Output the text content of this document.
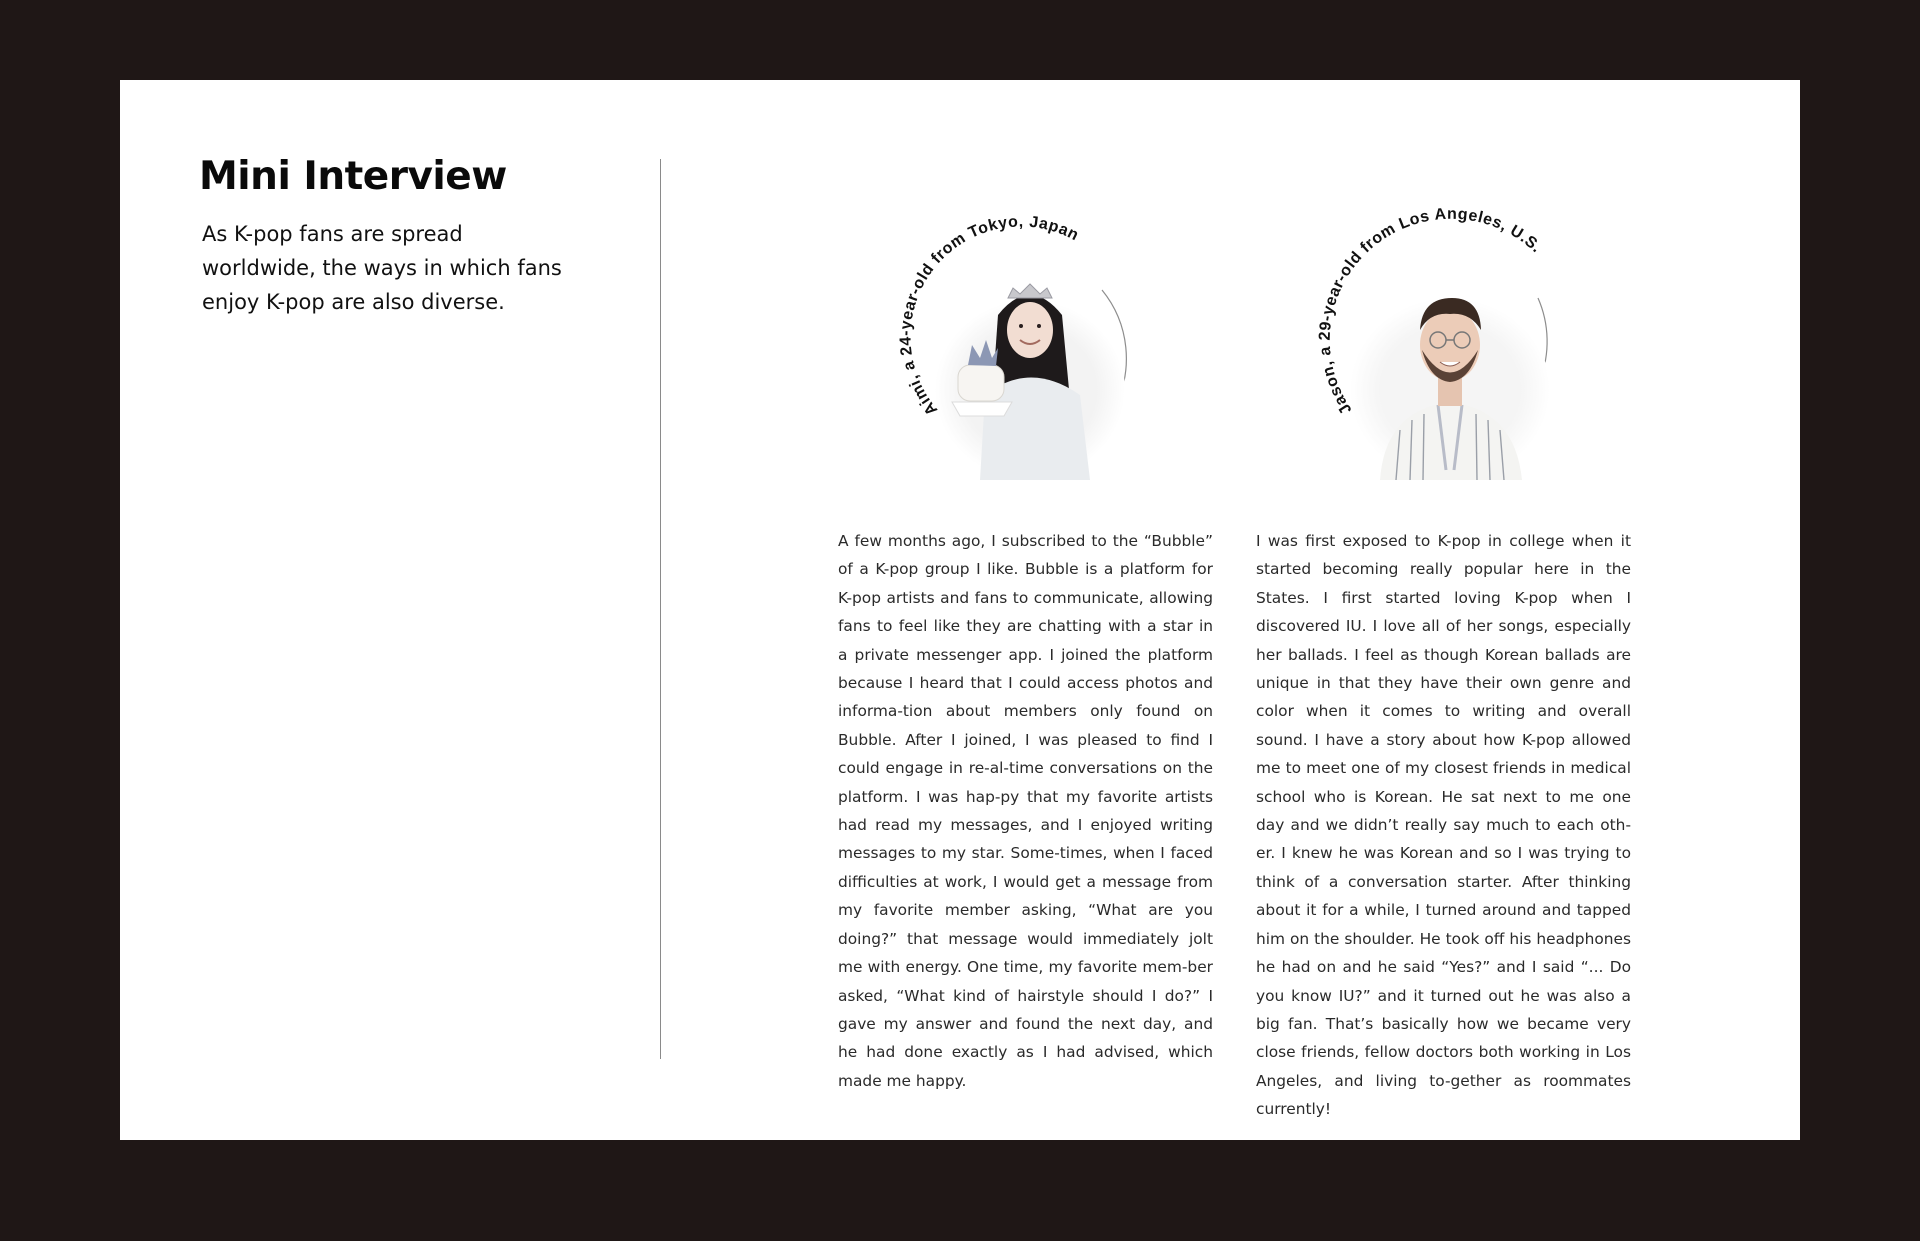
Mini Interview
As K-pop fans are spread worldwide, the ways in which fans enjoy K-pop are also diverse.
Aimi, a 24-year-old from Tokyo, Japan
Jason, a 29-year-old from Los Angeles, U.S.

A few months ago, I subscribed to the “Bubble” of a K-pop group I like. Bubble is a platform for K-pop artists and fans to communicate, allowing fans to feel like they are chatting with a star in a private messenger app. I joined the platform because I heard that I could access photos and informa-tion about members only found on Bubble. After I joined, I was pleased to find I could engage in re-al-time conversations on the platform. I was hap-py that my favorite artists had read my messages, and I enjoyed writing messages to my star. Some-times, when I faced difficulties at work, I would get a message from my favorite member asking, “What are you doing?” that message would immediately jolt me with energy. One time, my favorite mem-ber asked, “What kind of hairstyle should I do?” I gave my answer and found the next day, and he had done exactly as I had advised, which made me happy.

I was first exposed to K-pop in college when it started becoming really popular here in the States. I first started loving K-pop when I discovered IU. I love all of her songs, especially her ballads. I feel as though Korean ballads are unique in that they have their own genre and color when it comes to writing and overall sound. I have a story about how K-pop allowed me to meet one of my closest friends in medical school who is Korean. He sat next to me one day and we didn’t really say much to each oth-er. I knew he was Korean and so I was trying to think of a conversation starter. After thinking about it for a while, I turned around and tapped him on the shoulder. He took off his headphones he had on and he said “Yes?” and I said “... Do you know IU?” and it turned out he was also a big fan. That’s basically how we became very close friends, fellow doctors both working in Los Angeles, and living to-gether as roommates currently!
